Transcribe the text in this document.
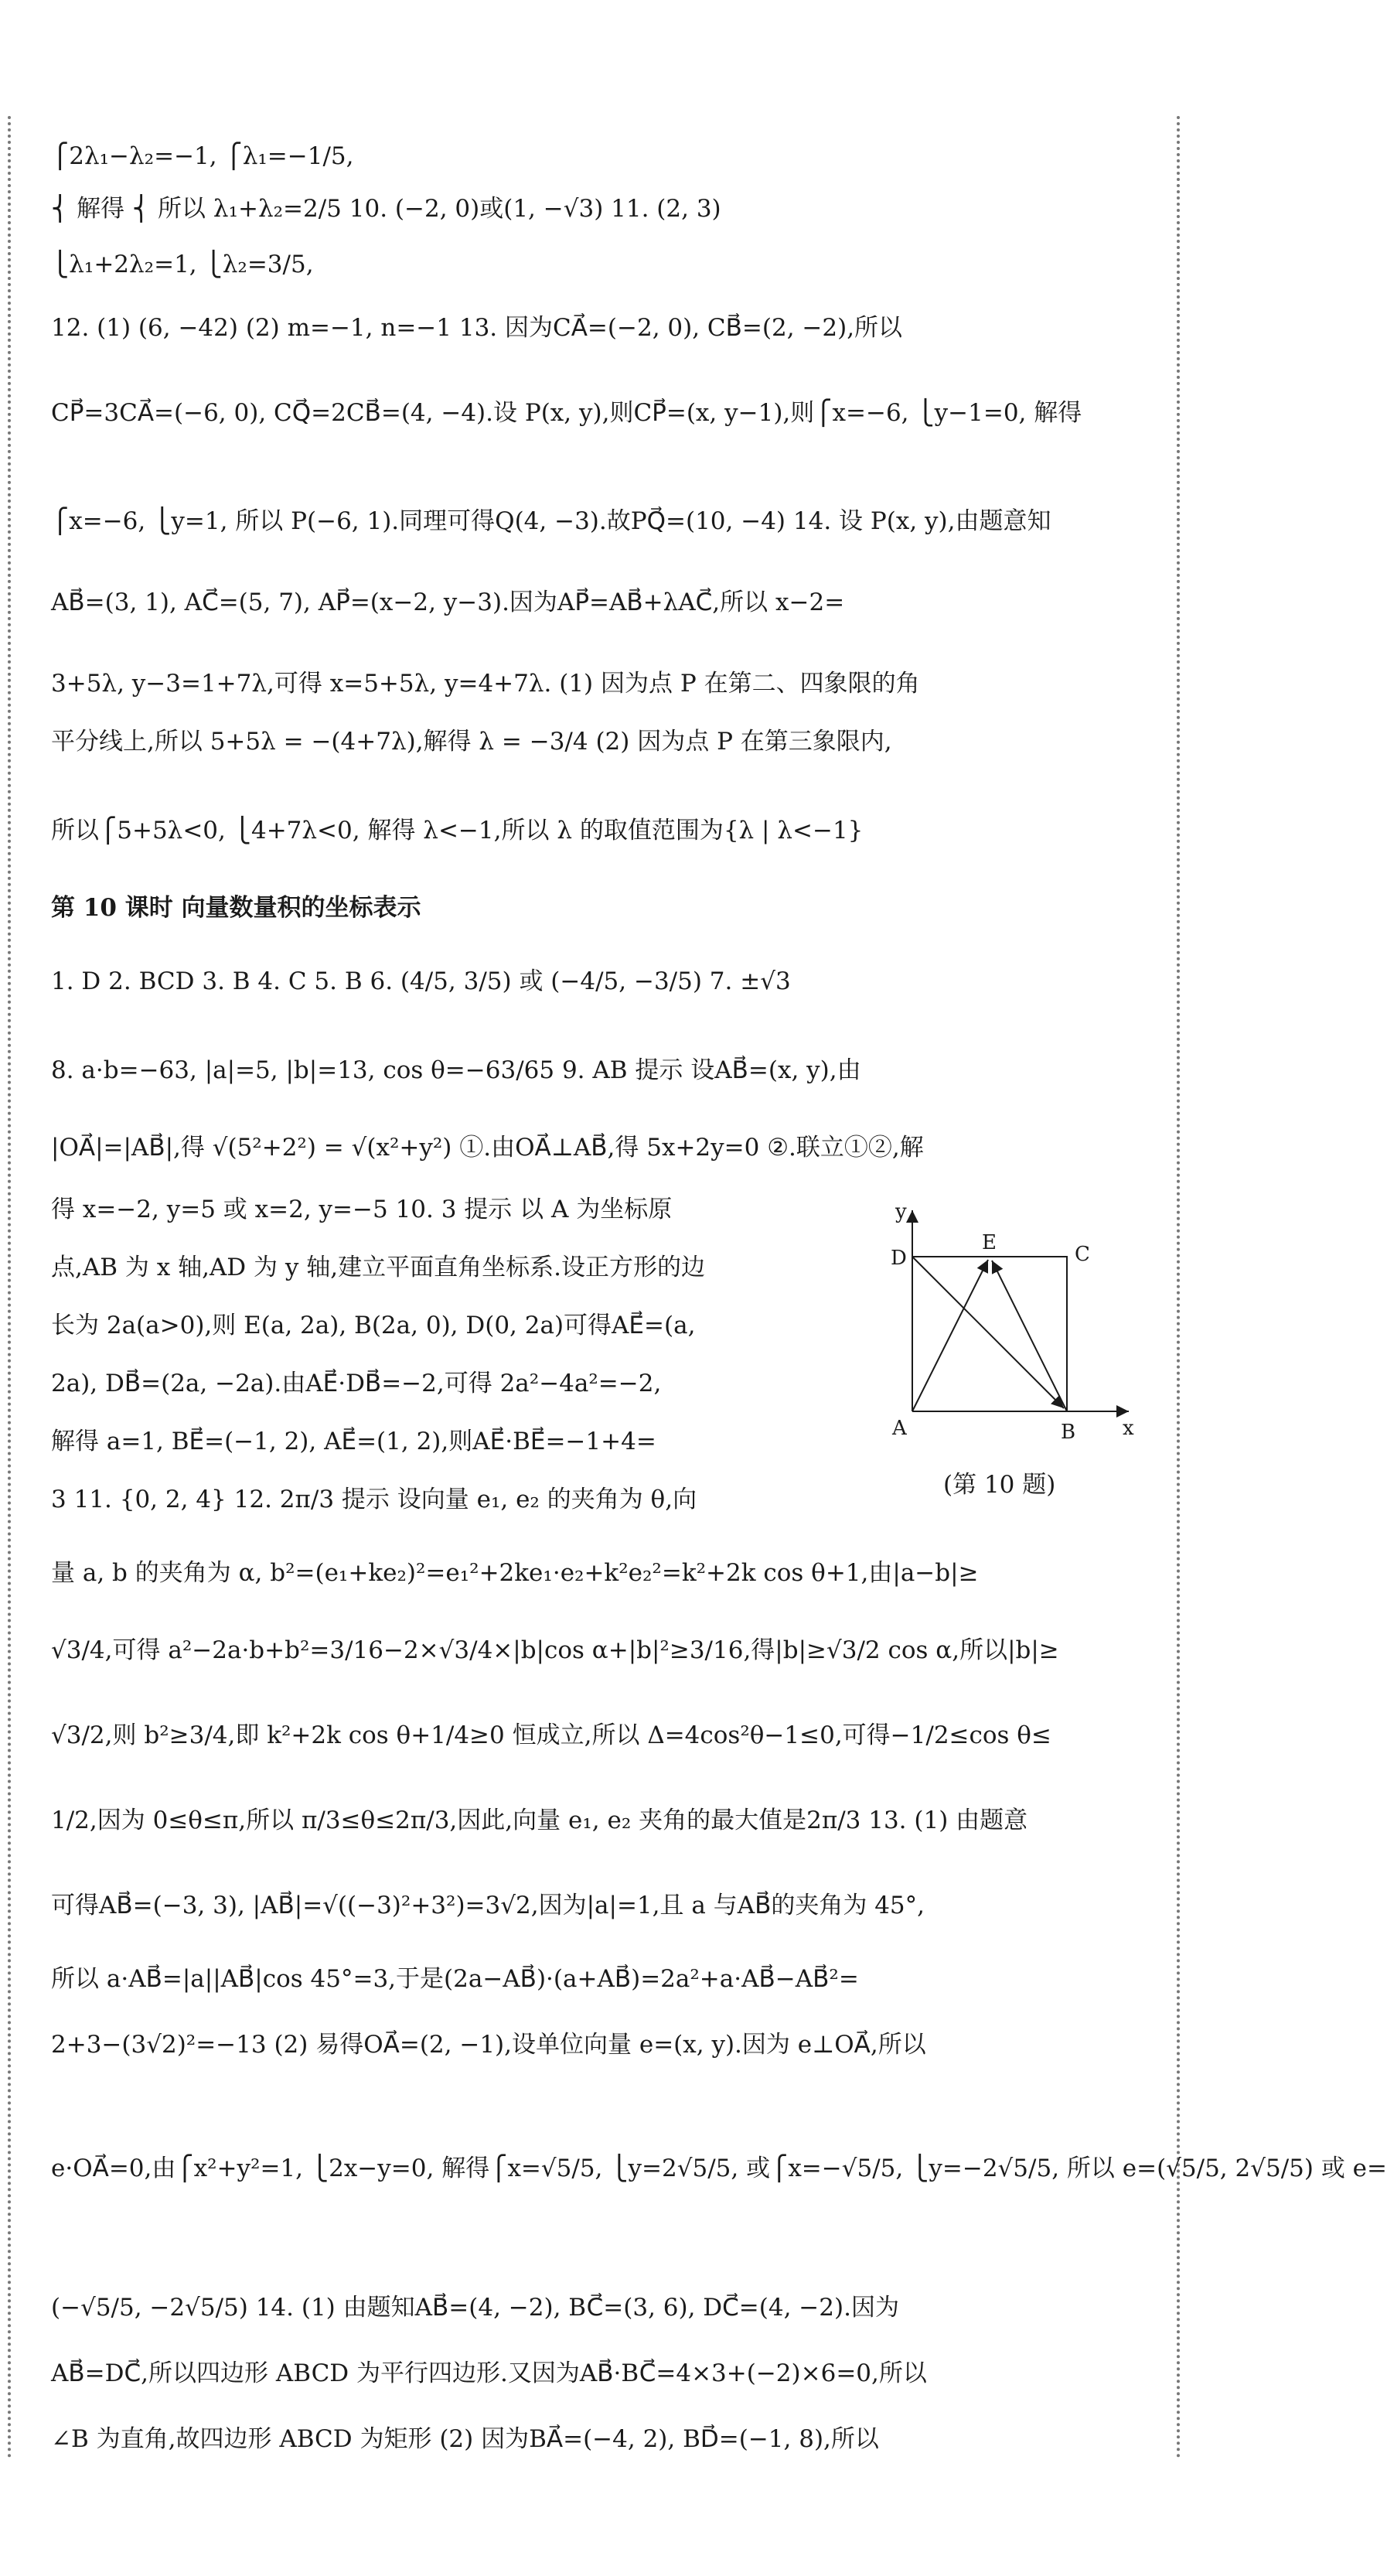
⎧2λ₁−λ₂=−1, ⎧λ₁=−1/5,
⎨ 解得 ⎨ 所以 λ₁+λ₂=2/5 10. (−2, 0)或(1, −√3) 11. (2, 3)
⎩λ₁+2λ₂=1, ⎩λ₂=3/5,
12. (1) (6, −42) (2) m=−1, n=−1 13. 因为CA⃗=(−2, 0), CB⃗=(2, −2),所以
CP⃗=3CA⃗=(−6, 0), CQ⃗=2CB⃗=(4, −4).设 P(x, y),则CP⃗=(x, y−1),则⎧x=−6, ⎩y−1=0, 解得
⎧x=−6, ⎩y=1, 所以 P(−6, 1).同理可得Q(4, −3).故PQ⃗=(10, −4) 14. 设 P(x, y),由题意知
AB⃗=(3, 1), AC⃗=(5, 7), AP⃗=(x−2, y−3).因为AP⃗=AB⃗+λAC⃗,所以 x−2=
3+5λ, y−3=1+7λ,可得 x=5+5λ, y=4+7λ. (1) 因为点 P 在第二、四象限的角
平分线上,所以 5+5λ = −(4+7λ),解得 λ = −3/4 (2) 因为点 P 在第三象限内,
所以⎧5+5λ<0, ⎩4+7λ<0, 解得 λ<−1,所以 λ 的取值范围为{λ | λ<−1}
第 10 课时 向量数量积的坐标表示
1. D 2. BCD 3. B 4. C 5. B 6. (4/5, 3/5) 或 (−4/5, −3/5) 7. ±√3
8. a·b=−63, |a|=5, |b|=13, cos θ=−63/65 9. AB 提示 设AB⃗=(x, y),由
|OA⃗|=|AB⃗|,得 √(5²+2²) = √(x²+y²) ①.由OA⃗⊥AB⃗,得 5x+2y=0 ②.联立①②,解
得 x=−2, y=5 或 x=2, y=−5 10. 3 提示 以 A 为坐标原
点,AB 为 x 轴,AD 为 y 轴,建立平面直角坐标系.设正方形的边
长为 2a(a>0),则 E(a, 2a), B(2a, 0), D(0, 2a)可得AE⃗=(a,
2a), DB⃗=(2a, −2a).由AE⃗·DB⃗=−2,可得 2a²−4a²=−2,
解得 a=1, BE⃗=(−1, 2), AE⃗=(1, 2),则AE⃗·BE⃗=−1+4=
3 11. {0, 2, 4} 12. 2π/3 提示 设向量 e₁, e₂ 的夹角为 θ,向
量 a, b 的夹角为 α, b²=(e₁+ke₂)²=e₁²+2ke₁·e₂+k²e₂²=k²+2k cos θ+1,由|a−b|≥
√3/4,可得 a²−2a·b+b²=3/16−2×√3/4×|b|cos α+|b|²≥3/16,得|b|≥√3/2 cos α,所以|b|≥
√3/2,则 b²≥3/4,即 k²+2k cos θ+1/4≥0 恒成立,所以 Δ=4cos²θ−1≤0,可得−1/2≤cos θ≤
1/2,因为 0≤θ≤π,所以 π/3≤θ≤2π/3,因此,向量 e₁, e₂ 夹角的最大值是2π/3 13. (1) 由题意
可得AB⃗=(−3, 3), |AB⃗|=√((−3)²+3²)=3√2,因为|a|=1,且 a 与AB⃗的夹角为 45°,
所以 a·AB⃗=|a||AB⃗|cos 45°=3,于是(2a−AB⃗)·(a+AB⃗)=2a²+a·AB⃗−AB⃗²=
2+3−(3√2)²=−13 (2) 易得OA⃗=(2, −1),设单位向量 e=(x, y).因为 e⊥OA⃗,所以
e·OA⃗=0,由⎧x²+y²=1, ⎩2x−y=0, 解得⎧x=√5/5, ⎩y=2√5/5, 或⎧x=−√5/5, ⎩y=−2√5/5, 所以 e=(√5/5, 2√5/5) 或 e=
(−√5/5, −2√5/5) 14. (1) 由题知AB⃗=(4, −2), BC⃗=(3, 6), DC⃗=(4, −2).因为
AB⃗=DC⃗,所以四边形 ABCD 为平行四边形.又因为AB⃗·BC⃗=4×3+(−2)×6=0,所以
∠B 为直角,故四边形 ABCD 为矩形 (2) 因为BA⃗=(−4, 2), BD⃗=(−1, 8),所以
y
x
A	B
C
D
E
(第 10 题)
